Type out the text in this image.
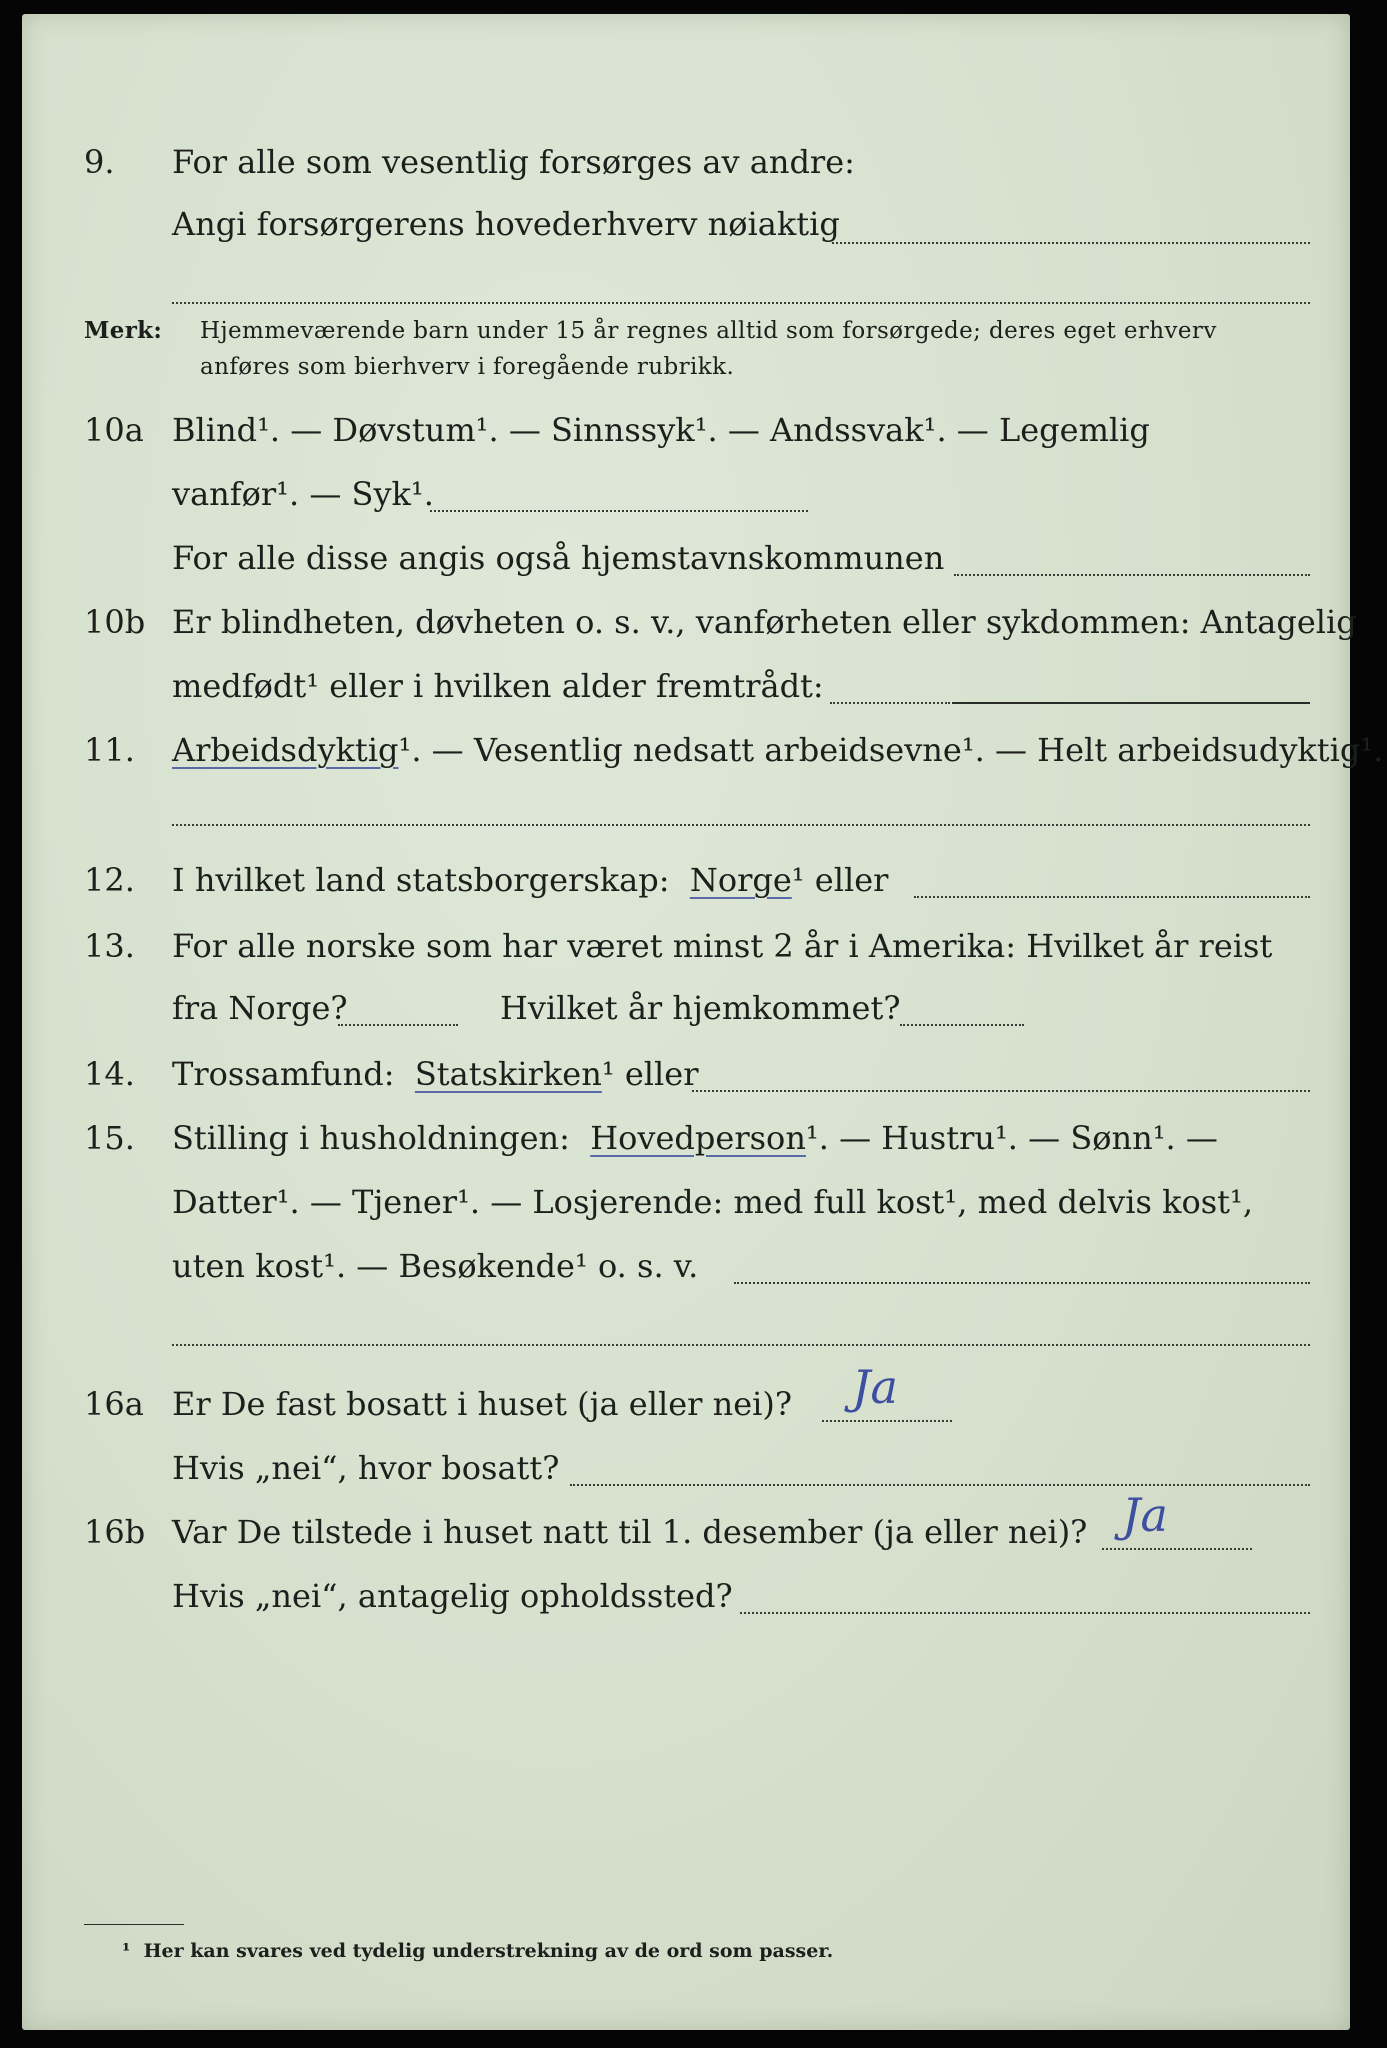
9.	For alle som vesentlig forsørges av andre:
Angi forsørgerens hovederhverv nøiaktig
Merk: Hjemmeværende barn under 15 år regnes alltid som forsørgede; deres eget erhverv
anføres som bierhverv i foregående rubrikk.
10a Blind¹. — Døvstum¹. — Sinnssyk¹. — Andssvak¹. — Legemlig
vanfør¹. — Syk¹.
For alle disse angis også hjemstavnskommunen
10b Er blindheten, døvheten o. s. v., vanførheten eller sykdommen: Antagelig
medfødt¹ eller i hvilken alder fremtrådt:
11.	Arbeidsdyktig¹. — Vesentlig nedsatt arbeidsevne¹. — Helt arbeidsudyktig¹.
12.	I hvilket land statsborgerskap: Norge¹ eller
13.	For alle norske som har været minst 2 år i Amerika: Hvilket år reist
fra Norge?	Hvilket år hjemkommet?
14.	Trossamfund: Statskirken¹ eller
15.	Stilling i husholdningen: Hovedperson¹. — Hustru¹. — Sønn¹. —
Datter¹. — Tjener¹. — Losjerende: med full kost¹, med delvis kost¹,
uten kost¹. — Besøkende¹ o. s. v.
16a Er De fast bosatt i huset (ja eller nei)? Ja
Hvis „nei“, hvor bosatt?
16b Var De tilstede i huset natt til 1. desember (ja eller nei)? Ja
Hvis „nei“, antagelig opholdssted?
¹ Her kan svares ved tydelig understrekning av de ord som passer.
